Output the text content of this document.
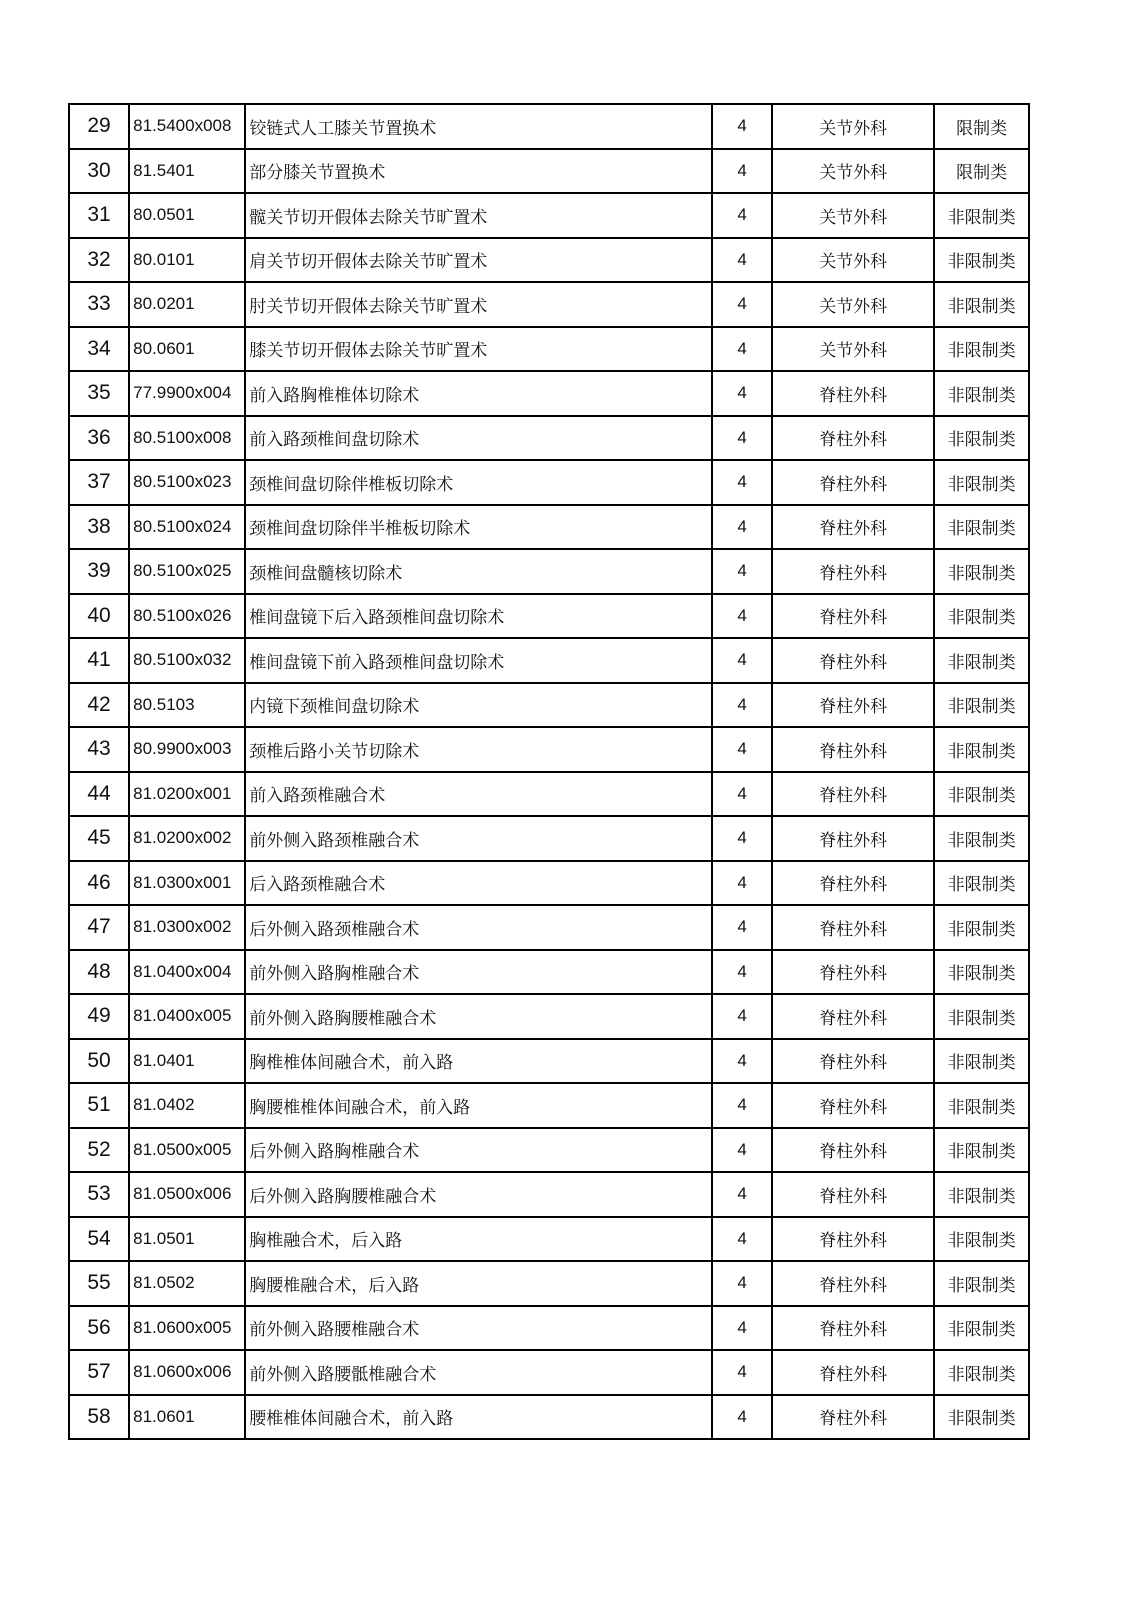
29	81.5400x008	铰链式人工膝关节置换术	4	关节外科	限制类
30	81.5401	部分膝关节置换术	4	关节外科	限制类
31	80.0501	髋关节切开假体去除关节旷置术	4	关节外科	非限制类
32	80.0101	肩关节切开假体去除关节旷置术	4	关节外科	非限制类
33	80.0201	肘关节切开假体去除关节旷置术	4	关节外科	非限制类
34	80.0601	膝关节切开假体去除关节旷置术	4	关节外科	非限制类
35	77.9900x004	前入路胸椎椎体切除术	4	脊柱外科	非限制类
36	80.5100x008	前入路颈椎间盘切除术	4	脊柱外科	非限制类
37	80.5100x023	颈椎间盘切除伴椎板切除术	4	脊柱外科	非限制类
38	80.5100x024	颈椎间盘切除伴半椎板切除术	4	脊柱外科	非限制类
39	80.5100x025	颈椎间盘髓核切除术	4	脊柱外科	非限制类
40	80.5100x026	椎间盘镜下后入路颈椎间盘切除术	4	脊柱外科	非限制类
41	80.5100x032	椎间盘镜下前入路颈椎间盘切除术	4	脊柱外科	非限制类
42	80.5103	内镜下颈椎间盘切除术	4	脊柱外科	非限制类
43	80.9900x003	颈椎后路小关节切除术	4	脊柱外科	非限制类
44	81.0200x001	前入路颈椎融合术	4	脊柱外科	非限制类
45	81.0200x002	前外侧入路颈椎融合术	4	脊柱外科	非限制类
46	81.0300x001	后入路颈椎融合术	4	脊柱外科	非限制类
47	81.0300x002	后外侧入路颈椎融合术	4	脊柱外科	非限制类
48	81.0400x004	前外侧入路胸椎融合术	4	脊柱外科	非限制类
49	81.0400x005	前外侧入路胸腰椎融合术	4	脊柱外科	非限制类
50	81.0401	胸椎椎体间融合术，前入路	4	脊柱外科	非限制类
51	81.0402	胸腰椎椎体间融合术，前入路	4	脊柱外科	非限制类
52	81.0500x005	后外侧入路胸椎融合术	4	脊柱外科	非限制类
53	81.0500x006	后外侧入路胸腰椎融合术	4	脊柱外科	非限制类
54	81.0501	胸椎融合术，后入路	4	脊柱外科	非限制类
55	81.0502	胸腰椎融合术，后入路	4	脊柱外科	非限制类
56	81.0600x005	前外侧入路腰椎融合术	4	脊柱外科	非限制类
57	81.0600x006	前外侧入路腰骶椎融合术	4	脊柱外科	非限制类
58	81.0601	腰椎椎体间融合术，前入路	4	脊柱外科	非限制类
